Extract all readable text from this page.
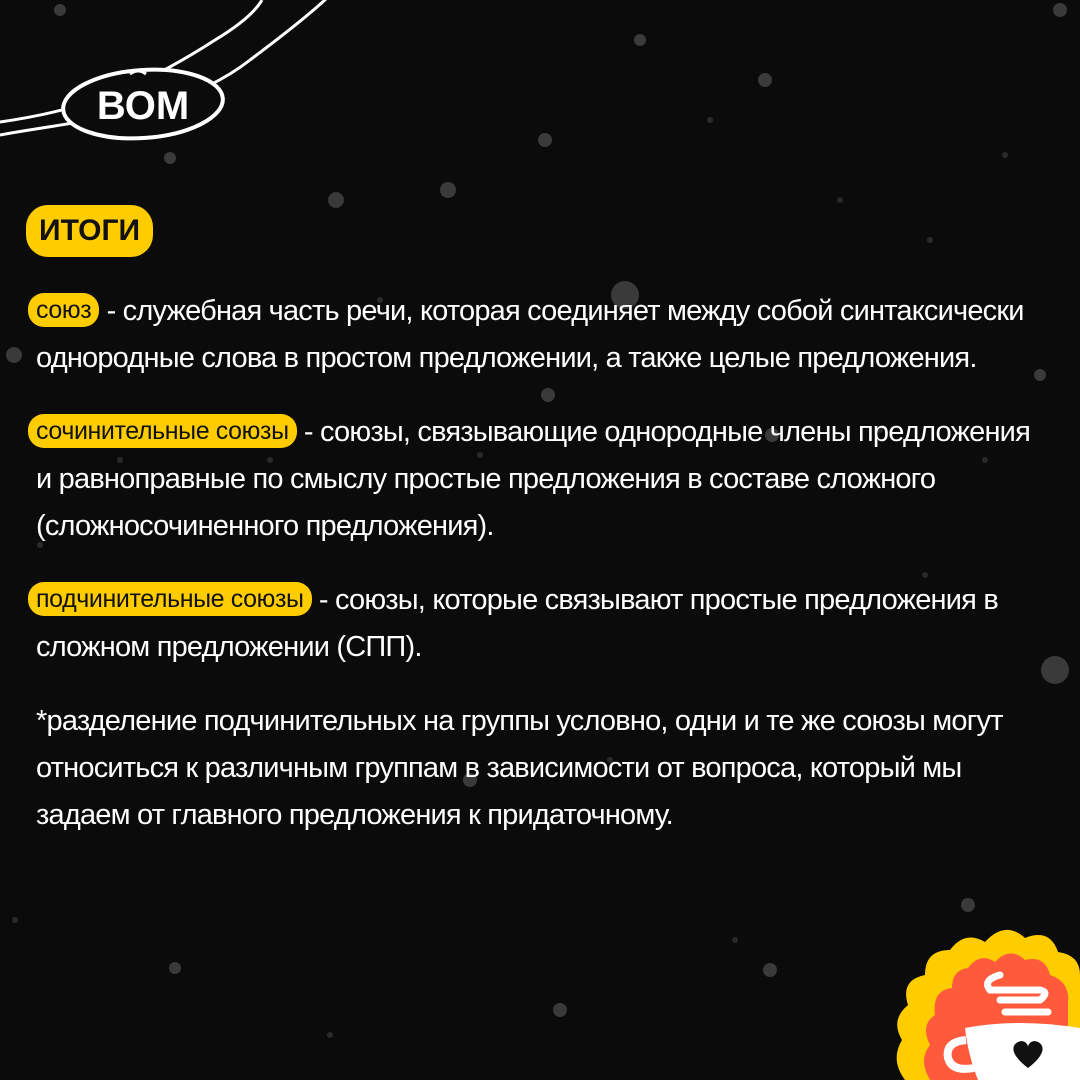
ВОМ
ИТОГИ

союз - служебная часть речи, которая соединяет между собой синтаксически однородные слова в простом предложении, а также целые предложения.

сочинительные союзы - союзы, связывающие однородные члены предложения и равноправные по смыслу простые предложения в составе сложного (сложносочиненного предложения).

подчинительные союзы - союзы, которые связывают простые предложения в сложном предложении (СПП).

*разделение подчинительных на группы условно, одни и те же союзы могут относиться к различным группам в зависимости от вопроса, который мы задаем от главного предложения к придаточному.
